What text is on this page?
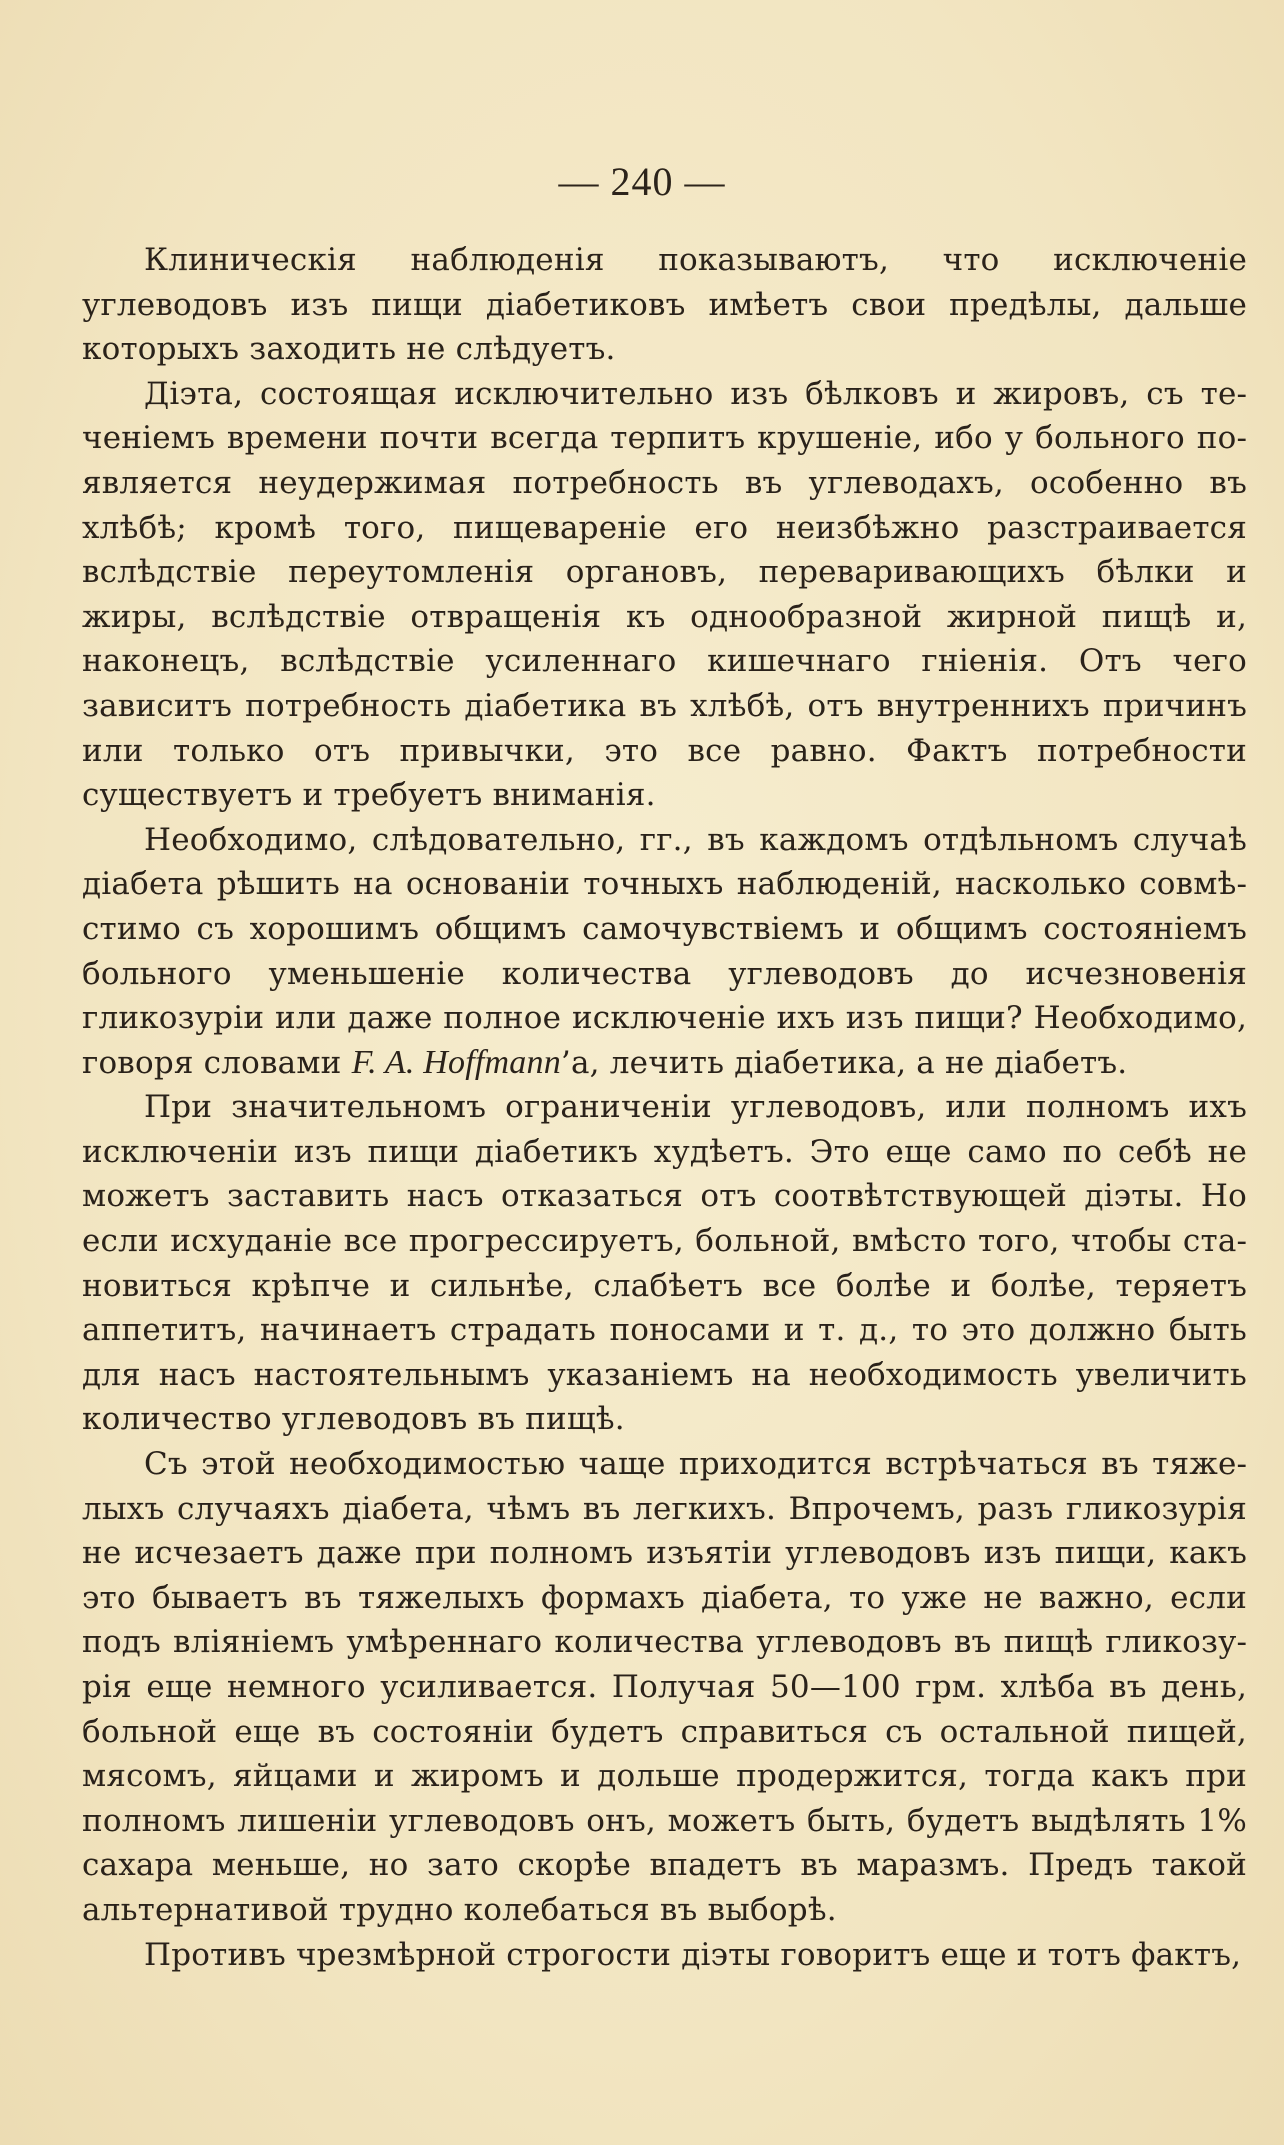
— 240 —

Клиническія наблюденія показываютъ, что исключеніе углеводовъ изъ пищи діабетиковъ имѣетъ свои предѣлы, дальше которыхъ заходить не слѣдуетъ.

Діэта, состоящая исключительно изъ бѣлковъ и жировъ, съ теченіемъ времени почти всегда терпитъ крушеніе, ибо у больного появляется неудержимая потребность въ углеводахъ, особенно въ хлѣбѣ; кромѣ того, пищевареніе его неизбѣжно разстраивается вслѣдствіе переутомленія органовъ, переваривающихъ бѣлки и жиры, вслѣдствіе отвращенія къ однообразной жирной пищѣ и, наконецъ, вслѣдствіе усиленнаго кишечнаго гніенія. Отъ чего зависитъ потребность діабетика въ хлѣбѣ, отъ внутреннихъ причинъ или только отъ привычки, это все равно. Фактъ потребности существуетъ и требуетъ вниманія.

Необходимо, слѣдовательно, гг., въ каждомъ отдѣльномъ случаѣ діабета рѣшить на основаніи точныхъ наблюденій, насколько совмѣстимо съ хорошимъ общимъ самочувствіемъ и общимъ состояніемъ больного уменьшеніе количества углеводовъ до исчезновенія гликозуріи или даже полное исключеніе ихъ изъ пищи? Необходимо, говоря словами F. A. Hoffmann’а, лечить діабетика, а не діабетъ.

При значительномъ ограниченіи углеводовъ, или полномъ ихъ исключеніи изъ пищи діабетикъ худѣетъ. Это еще само по себѣ не можетъ заставить насъ отказаться отъ соотвѣтствующей діэты. Но если исхуданіе все прогрессируетъ, больной, вмѣсто того, чтобы становиться крѣпче и сильнѣе, слабѣетъ все болѣе и болѣе, теряетъ аппетитъ, начинаетъ страдать поносами и т. д., то это должно быть для насъ настоятельнымъ указаніемъ на необходимость увеличить количество углеводовъ въ пищѣ.

Съ этой необходимостью чаще приходится встрѣчаться въ тяжелыхъ случаяхъ діабета, чѣмъ въ легкихъ. Впрочемъ, разъ гликозурія не исчезаетъ даже при полномъ изъятіи углеводовъ изъ пищи, какъ это бываетъ въ тяжелыхъ формахъ діабета, то уже не важно, если подъ вліяніемъ умѣреннаго количества углеводовъ въ пищѣ гликозурія еще немного усиливается. Получая 50—100 грм. хлѣба въ день, больной еще въ состояніи будетъ справиться съ остальной пищей, мясомъ, яйцами и жиромъ и дольше продержится, тогда какъ при полномъ лишеніи углеводовъ онъ, можетъ быть, будетъ выдѣлять 1% сахара меньше, но зато скорѣе впадетъ въ маразмъ. Предъ такой альтернативой трудно колебаться въ выборѣ.

Противъ чрезмѣрной строгости діэты говоритъ еще и тотъ фактъ,
